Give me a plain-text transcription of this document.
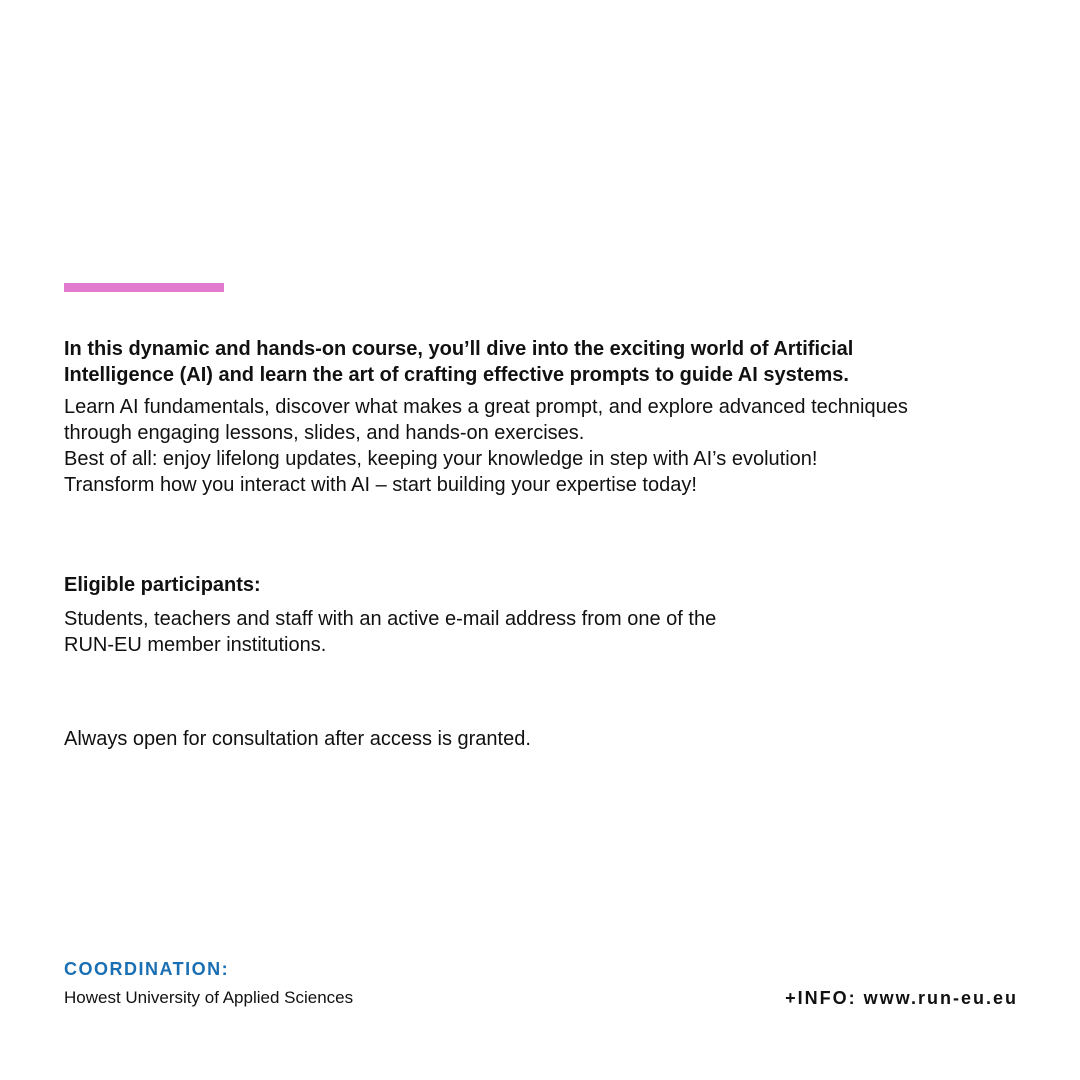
In this dynamic and hands-on course, you’ll dive into the exciting world of Artificial

Intelligence (AI) and learn the art of crafting effective prompts to guide AI systems.

Learn AI fundamentals, discover what makes a great prompt, and explore advanced techniques

through engaging lessons, slides, and hands-on exercises.

Best of all: enjoy lifelong updates, keeping your knowledge in step with AI’s evolution!

Transform how you interact with AI – start building your expertise today!

Eligible participants:

Students, teachers and staff with an active e-mail address from one of the

RUN-EU member institutions.

Always open for consultation after access is granted.

COORDINATION:

Howest University of Applied Sciences	+INFO: www.run-eu.eu
